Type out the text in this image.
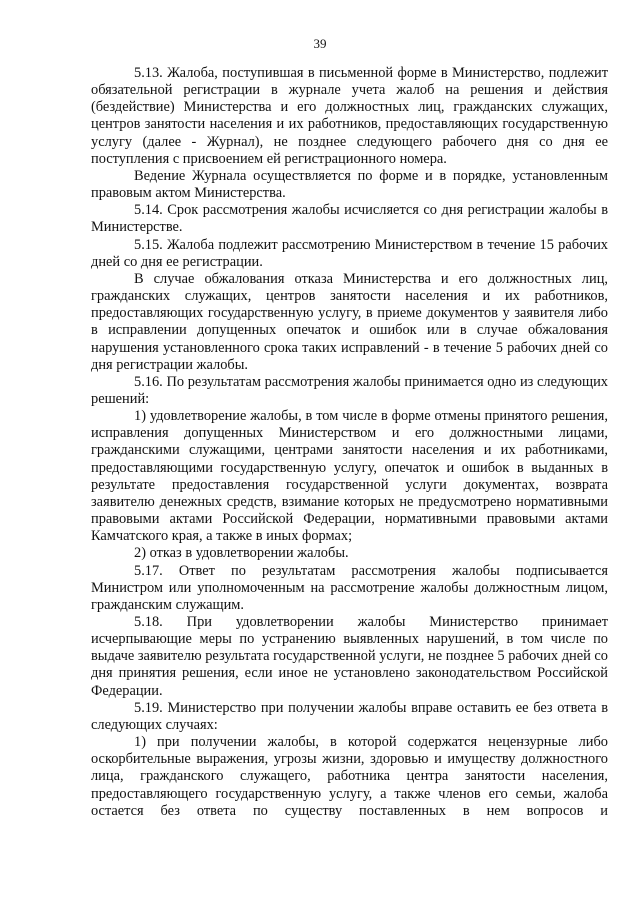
39

5.13. Жалоба, поступившая в письменной форме в Министерство, подлежит обязательной регистрации в журнале учета жалоб на решения и действия (бездействие) Министерства и его должностных лиц, гражданских служащих, центров занятости населения и их работников, предоставляющих государственную услугу (далее - Журнал), не позднее следующего рабочего дня со дня ее поступления с присвоением ей регистрационного номера.

Ведение Журнала осуществляется по форме и в порядке, установленным правовым актом Министерства.

5.14. Срок рассмотрения жалобы исчисляется со дня регистрации жалобы в Министерстве.

5.15. Жалоба подлежит рассмотрению Министерством в течение 15 рабочих дней со дня ее регистрации.

В случае обжалования отказа Министерства и его должностных лиц, гражданских служащих, центров занятости населения и их работников, предоставляющих государственную услугу, в приеме документов у заявителя либо в исправлении допущенных опечаток и ошибок или в случае обжалования нарушения установленного срока таких исправлений - в течение 5 рабочих дней со дня регистрации жалобы.

5.16. По результатам рассмотрения жалобы принимается одно из следующих решений:

1) удовлетворение жалобы, в том числе в форме отмены принятого решения, исправления допущенных Министерством и его должностными лицами, гражданскими служащими, центрами занятости населения и их работниками, предоставляющими государственную услугу, опечаток и ошибок в выданных в результате предоставления государственной услуги документах, возврата заявителю денежных средств, взимание которых не предусмотрено нормативными правовыми актами Российской Федерации, нормативными правовыми актами Камчатского края, а также в иных формах;

2) отказ в удовлетворении жалобы.

5.17. Ответ по результатам рассмотрения жалобы подписывается Министром или уполномоченным на рассмотрение жалобы должностным лицом, гражданским служащим.

5.18. При удовлетворении жалобы Министерство принимает исчерпывающие меры по устранению выявленных нарушений, в том числе по выдаче заявителю результата государственной услуги, не позднее 5 рабочих дней со дня принятия решения, если иное не установлено законодательством Российской Федерации.

5.19. Министерство при получении жалобы вправе оставить ее без ответа в следующих случаях:

1) при получении жалобы, в которой содержатся нецензурные либо оскорбительные выражения, угрозы жизни, здоровью и имуществу должностного лица, гражданского служащего, работника центра занятости населения, предоставляющего государственную услугу, а также членов его семьи, жалоба остается без ответа по существу поставленных в нем вопросов и
